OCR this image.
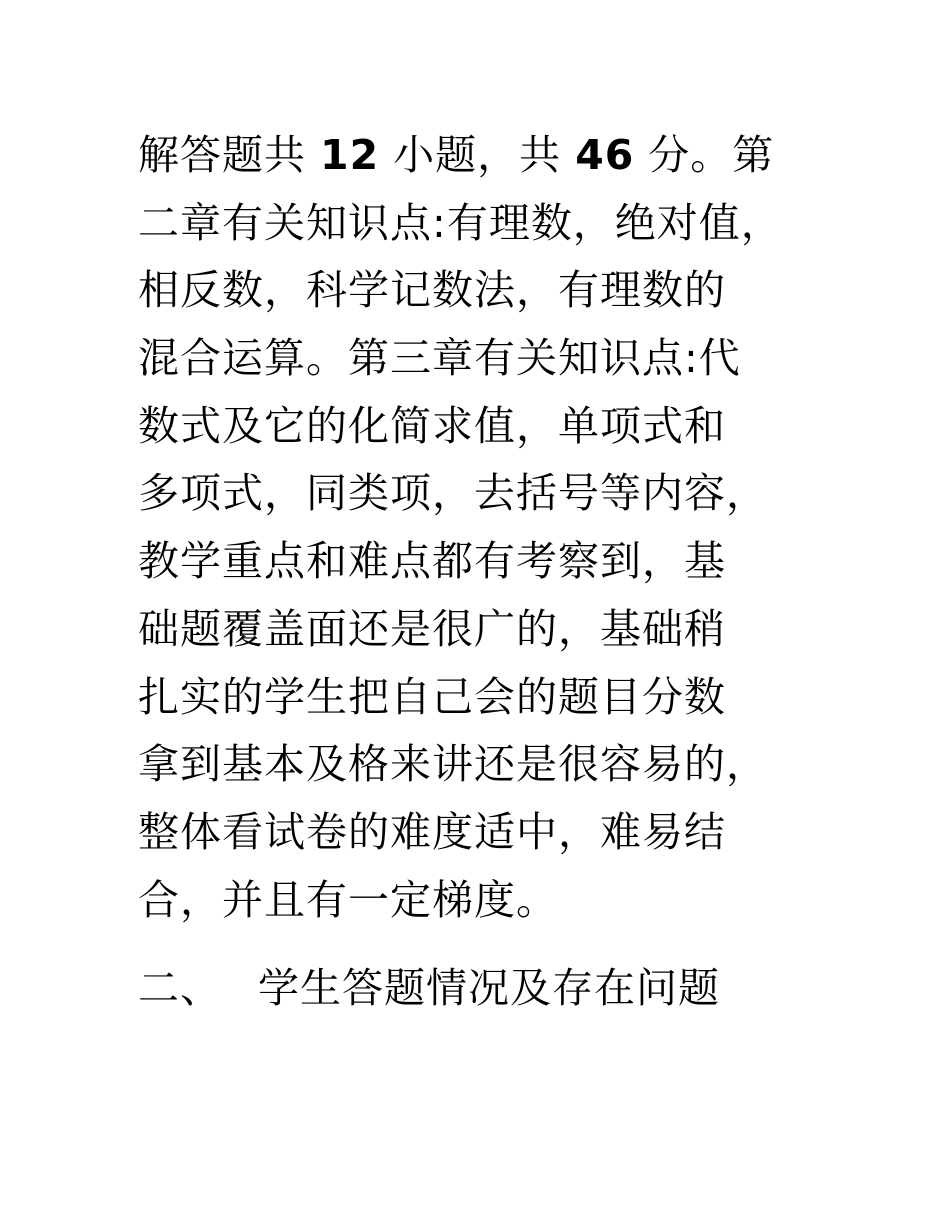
解答题共 12 小题，共 46 分。第
二章有关知识点:有理数，绝对值，
相反数，科学记数法，有理数的
混合运算。第三章有关知识点:代
数式及它的化简求值，单项式和
多项式，同类项，去括号等内容，
教学重点和难点都有考察到，基
础题覆盖面还是很广的，基础稍
扎实的学生把自己会的题目分数
拿到基本及格来讲还是很容易的，
整体看试卷的难度适中，难易结
合，并且有一定梯度。
二、 学生答题情况及存在问题
